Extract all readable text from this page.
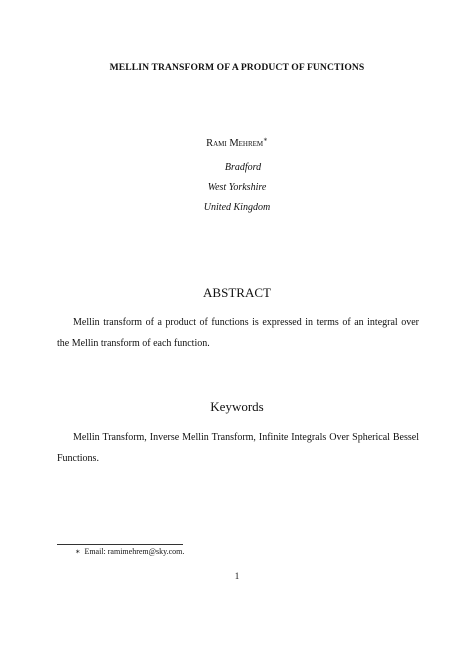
MELLIN TRANSFORM OF A PRODUCT OF FUNCTIONS
Rami Mehrem∗
Bradford
West Yorkshire
United Kingdom
ABSTRACT
Mellin transform of a product of functions is expressed in terms of an integral over the Mellin transform of each function.
Keywords
Mellin Transform, Inverse Mellin Transform, Infinite Integrals Over Spherical Bessel Functions.
∗ Email: ramimehrem@sky.com.
1
